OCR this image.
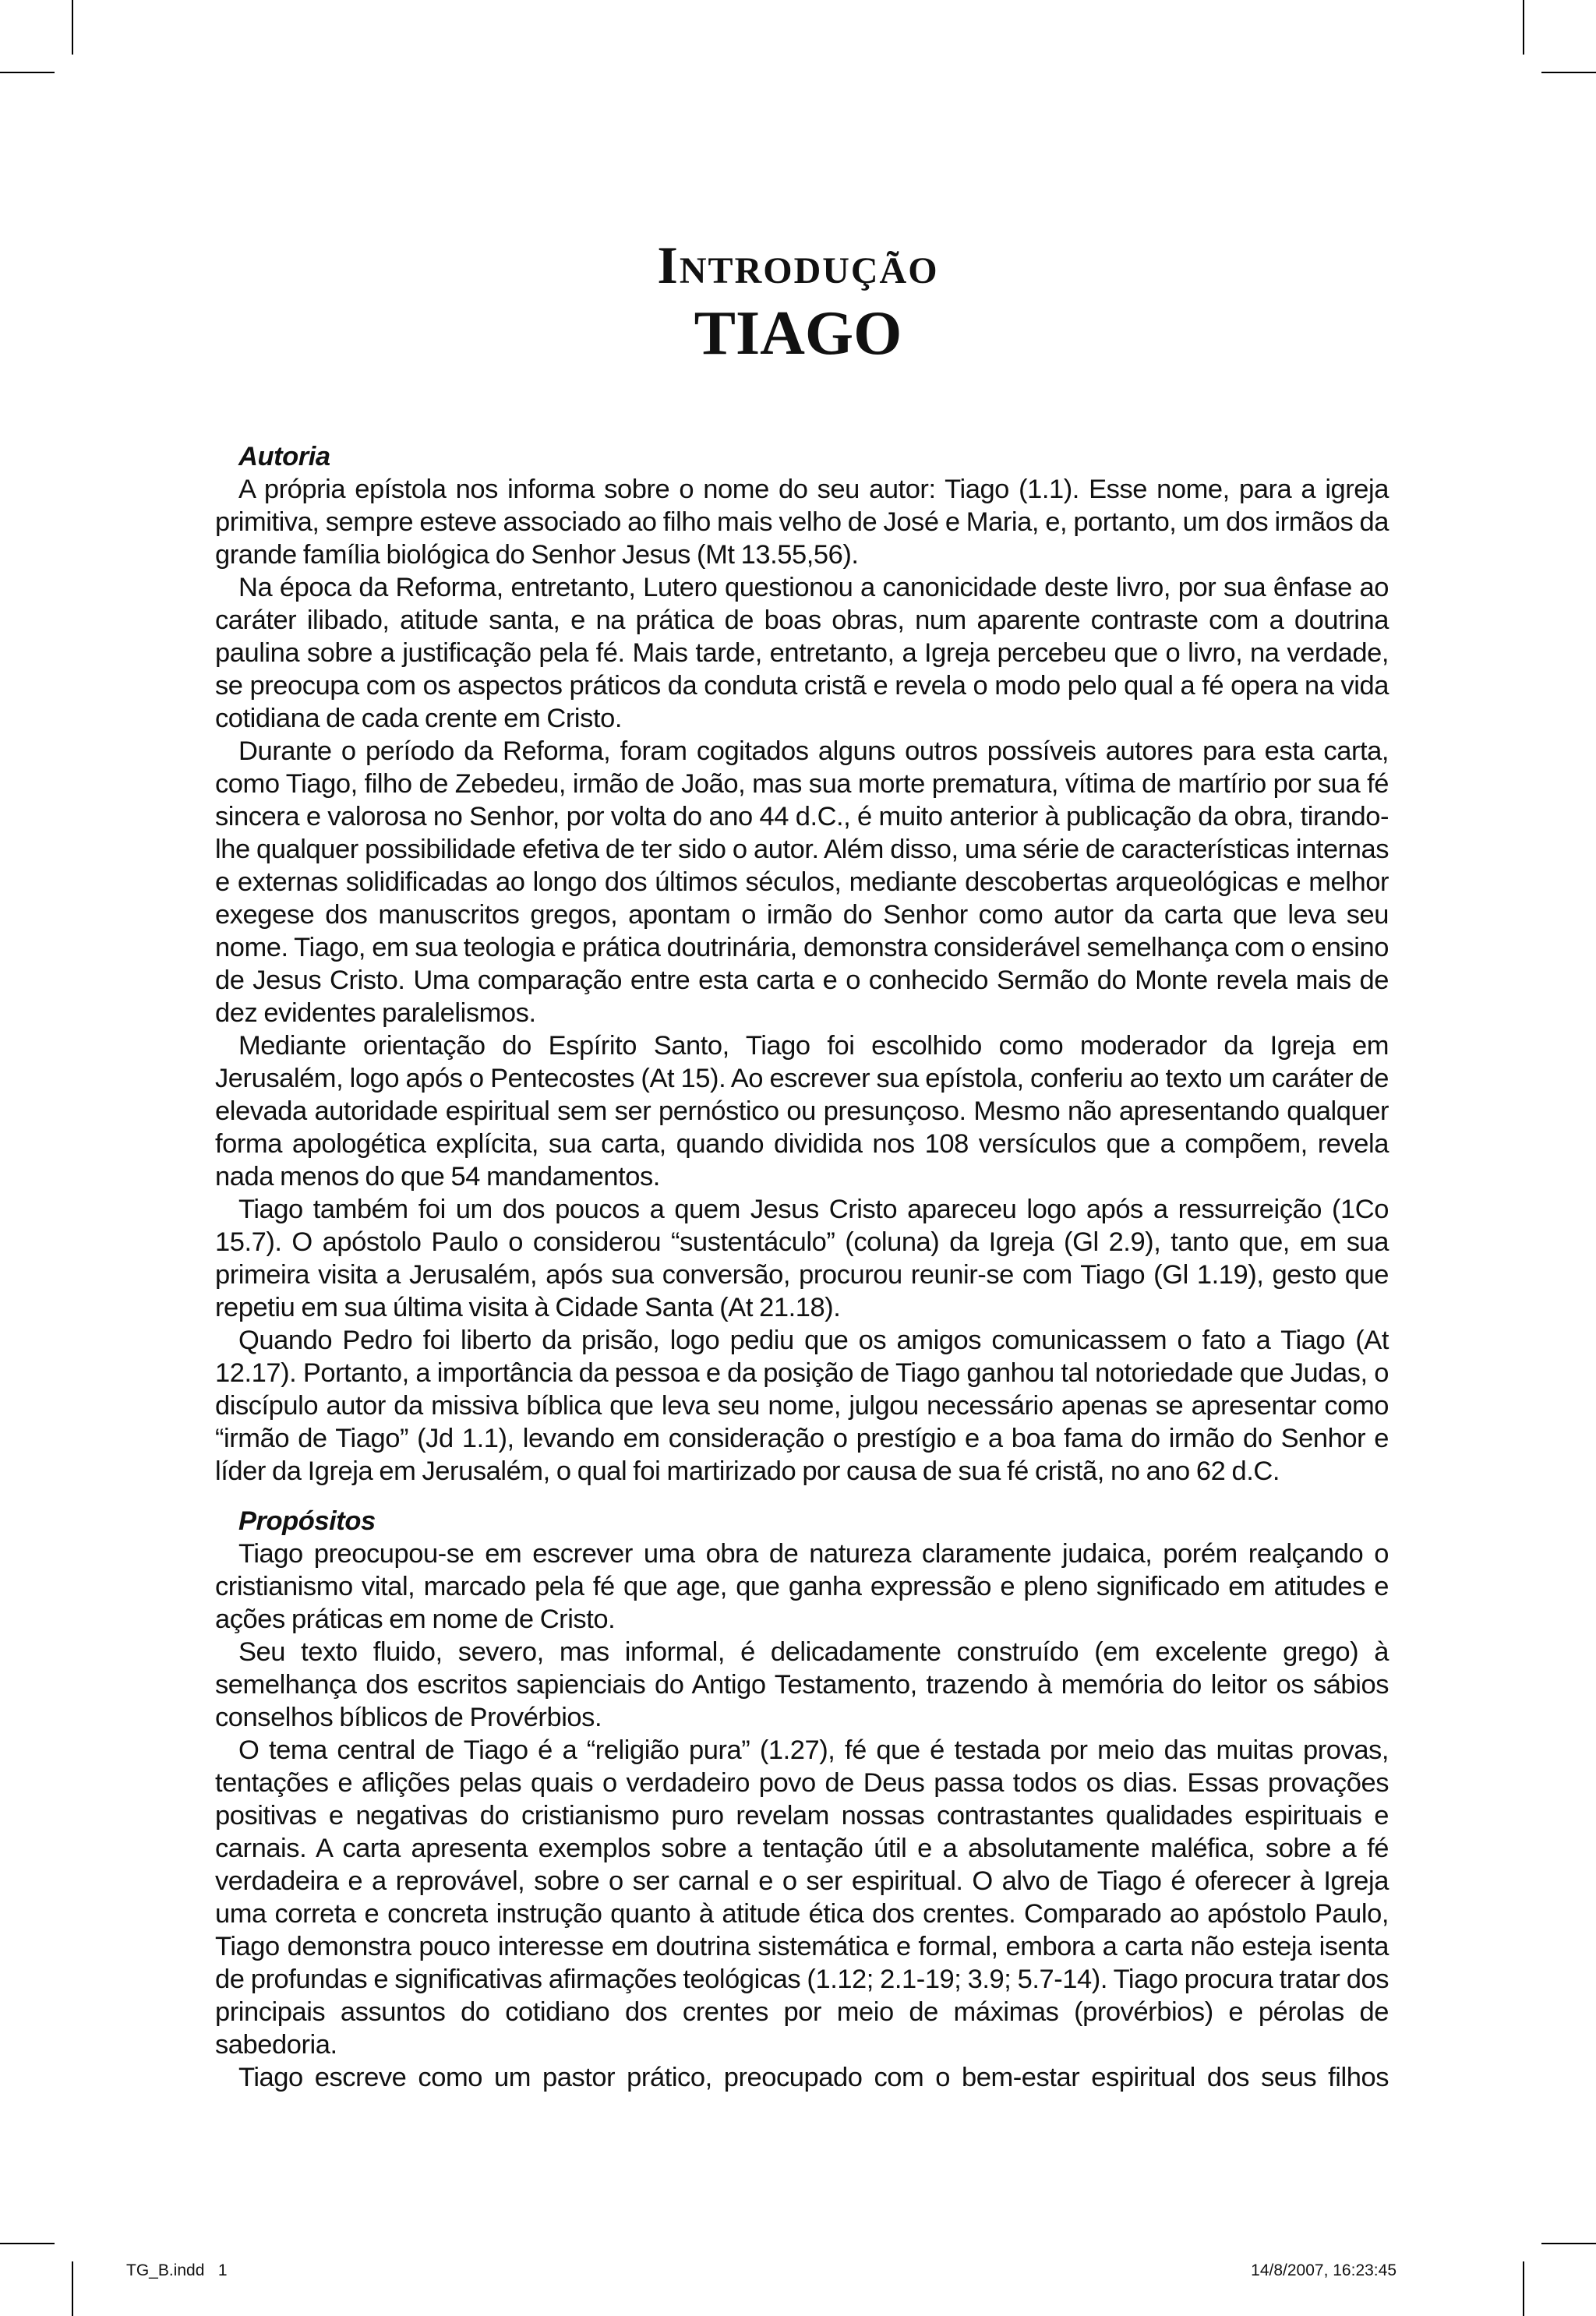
Introdução

TIAGO

Autoria

A própria epístola nos informa sobre o nome do seu autor: Tiago (1.1). Esse nome, para a igreja primitiva, sempre esteve associado ao filho mais velho de José e Maria, e, portanto, um dos irmãos da grande família biológica do Senhor Jesus (Mt 13.55,56).

Na época da Reforma, entretanto, Lutero questionou a canonicidade deste livro, por sua ênfase ao caráter ilibado, atitude santa, e na prática de boas obras, num aparente contraste com a doutrina paulina sobre a justificação pela fé. Mais tarde, entretanto, a Igreja percebeu que o livro, na verdade, se preocupa com os aspectos práticos da conduta cristã e revela o modo pelo qual a fé opera na vida cotidiana de cada crente em Cristo.

Durante o período da Reforma, foram cogitados alguns outros possíveis autores para esta carta, como Tiago, filho de Zebedeu, irmão de João, mas sua morte prematura, vítima de martírio por sua fé sincera e valorosa no Senhor, por volta do ano 44 d.C., é muito anterior à publicação da obra, tirando-lhe qualquer possibilidade efetiva de ter sido o autor. Além disso, uma série de características internas e externas solidificadas ao longo dos últimos séculos, mediante descobertas arqueológicas e melhor exegese dos manuscritos gregos, apontam o irmão do Senhor como autor da carta que leva seu nome. Tiago, em sua teologia e prática doutrinária, demonstra considerável semelhança com o ensino de Jesus Cristo. Uma comparação entre esta carta e o conhecido Sermão do Monte revela mais de dez evidentes paralelismos.

Mediante orientação do Espírito Santo, Tiago foi escolhido como moderador da Igreja em Jerusalém, logo após o Pentecostes (At 15). Ao escrever sua epístola, conferiu ao texto um caráter de elevada autoridade espiritual sem ser pernóstico ou presunçoso. Mesmo não apresentando qualquer forma apologética explícita, sua carta, quando dividida nos 108 versículos que a compõem, revela nada menos do que 54 mandamentos.

Tiago também foi um dos poucos a quem Jesus Cristo apareceu logo após a ressurreição (1Co 15.7). O apóstolo Paulo o considerou “sustentáculo” (coluna) da Igreja (Gl 2.9), tanto que, em sua primeira visita a Jerusalém, após sua conversão, procurou reunir-se com Tiago (Gl 1.19), gesto que repetiu em sua última visita à Cidade Santa (At 21.18).

Quando Pedro foi liberto da prisão, logo pediu que os amigos comunicassem o fato a Tiago (At 12.17). Portanto, a importância da pessoa e da posição de Tiago ganhou tal notoriedade que Judas, o discípulo autor da missiva bíblica que leva seu nome, julgou necessário apenas se apresentar como “irmão de Tiago” (Jd 1.1), levando em consideração o prestígio e a boa fama do irmão do Senhor e líder da Igreja em Jerusalém, o qual foi martirizado por causa de sua fé cristã, no ano 62 d.C.

Propósitos

Tiago preocupou-se em escrever uma obra de natureza claramente judaica, porém realçando o cristianismo vital, marcado pela fé que age, que ganha expressão e pleno significado em atitudes e ações práticas em nome de Cristo.

Seu texto fluido, severo, mas informal, é delicadamente construído (em excelente grego) à semelhança dos escritos sapienciais do Antigo Testamento, trazendo à memória do leitor os sábios conselhos bíblicos de Provérbios.

O tema central de Tiago é a “religião pura” (1.27), fé que é testada por meio das muitas provas, tentações e aflições pelas quais o verdadeiro povo de Deus passa todos os dias. Essas provações positivas e negativas do cristianismo puro revelam nossas contrastantes qualidades espirituais e carnais. A carta apresenta exemplos sobre a tentação útil e a absolutamente maléfica, sobre a fé verdadeira e a reprovável, sobre o ser carnal e o ser espiritual. O alvo de Tiago é oferecer à Igreja uma correta e concreta instrução quanto à atitude ética dos crentes. Comparado ao apóstolo Paulo, Tiago demonstra pouco interesse em doutrina sistemática e formal, embora a carta não esteja isenta de profundas e significativas afirmações teológicas (1.12; 2.1-19; 3.9; 5.7-14). Tiago procura tratar dos principais assuntos do cotidiano dos crentes por meio de máximas (provérbios) e pérolas de sabedoria.

Tiago escreve como um pastor prático, preocupado com o bem-estar espiritual dos seus filhos

TG_B.indd   1	14/8/2007, 16:23:45
